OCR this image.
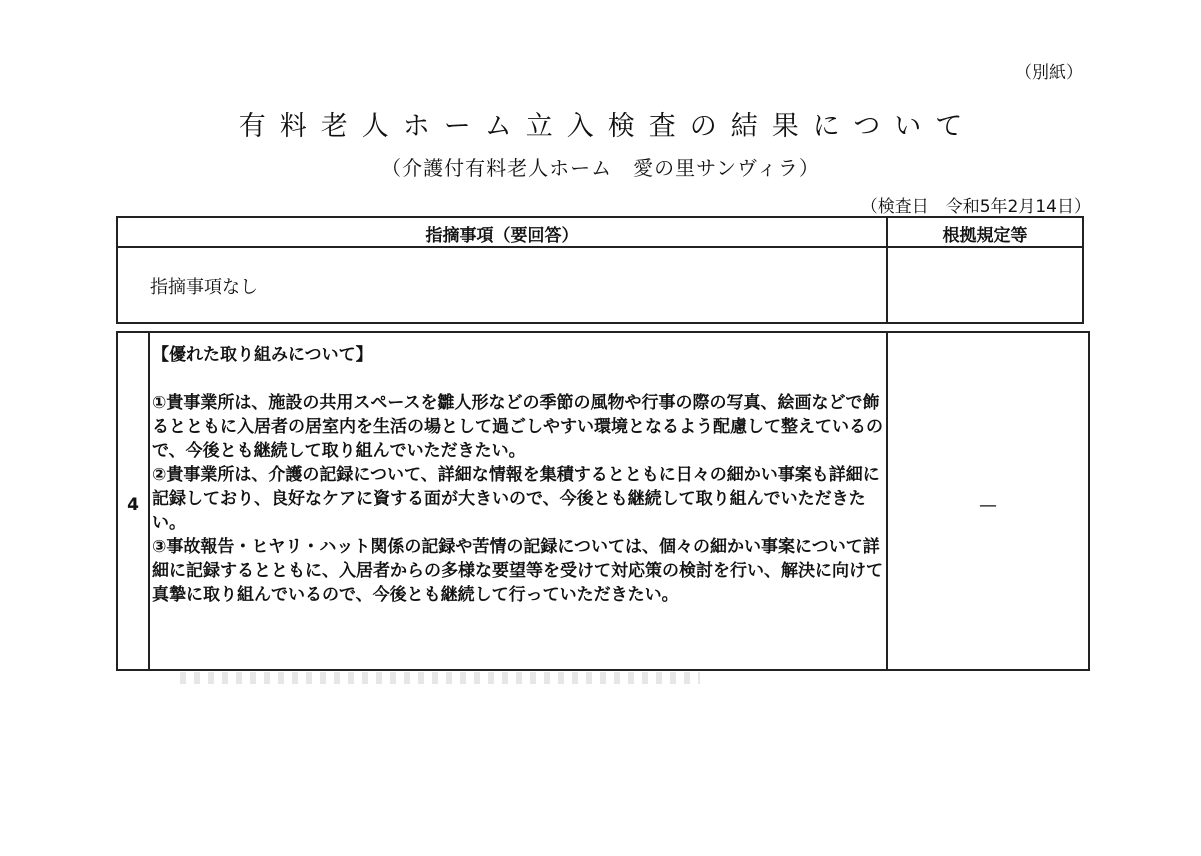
（別紙）
有料老人ホーム立入検査の結果について
（介護付有料老人ホーム　愛の里サンヴィラ）
（検査日　令和5年2月14日）
指摘事項（要回答）	根拠規定等
指摘事項なし
4
【優れた取り組みについて】

①貴事業所は、施設の共用スペースを雛人形などの季節の風物や行事の際の写真、絵画などで飾るとともに入居者の居室内を生活の場として過ごしやすい環境となるよう配慮して整えているので、今後とも継続して取り組んでいただきたい。

②貴事業所は、介護の記録について、詳細な情報を集積するとともに日々の細かい事案も詳細に記録しており、良好なケアに資する面が大きいので、今後とも継続して取り組んでいただきたい。

③事故報告・ヒヤリ・ハット関係の記録や苦情の記録については、個々の細かい事案について詳細に記録するとともに、入居者からの多様な要望等を受けて対応策の検討を行い、解決に向けて真摯に取り組んでいるので、今後とも継続して行っていただきたい。

—
